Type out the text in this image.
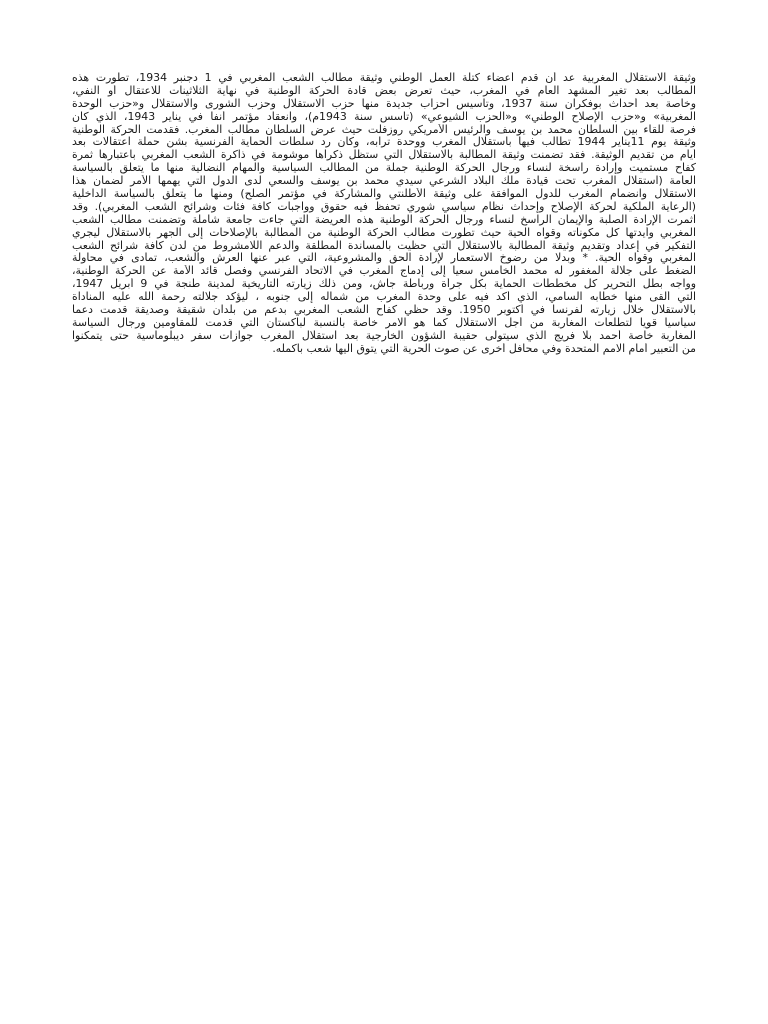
وثيقة الاستقلال المغربية عد أن قدم أعضاء كتلة العمل الوطني وثيقة مطالب الشعب المغربي في 1 دجنبر 1934، تطورت هذه
المطالب بعد تغير المشهد العام في المغرب، حيث تعرض بعض قادة الحركة الوطنية في نهاية الثلاثينات للاعتقال أو النفي،
وخاصة بعد أحداث بوفكران سنة 1937، وتأسيس أحزاب جديدة منها حزب الاستقلال وحزب الشورى والاستقلال و«حزب الوحدة
المغربية» و«حزب الإصلاح الوطني» و«الحزب الشيوعي» (تأسس سنة 1943م)، وانعقاد مؤتمر أنفا في يناير 1943، الذي كان
فرصة للقاء بين السلطان محمد بن يوسف والرئيس الأمريكي روزفلت حيث عرض السلطان مطالب المغرب. فقدمت الحركة الوطنية
وثيقة يوم 11يناير 1944 تطالب فيها باستقلال المغرب ووحدة ترابه، وكان رد سلطات الحماية الفرنسية بشن حملة اعتقالات بعد
أيام من تقديم الوثيقة. فقد تضمنت وثيقة المطالبة بالاستقلال التي ستظل ذكراها موشومة في ذاكرة الشعب المغربي باعتبارها ثمرة
كفاح مستميت وإرادة راسخة لنساء ورجال الحركة الوطنية جملة من المطالب السياسية والمهام النضالية منها ما يتعلق بالسياسة
العامة (استقلال المغرب تحت قيادة ملك البلاد الشرعي سيدي محمد بن يوسف والسعي لدى الدول التي يهمها الأمر لضمان هذا
الاستقلال وانضمام المغرب للدول الموافقة على وثيقة الأطلنتي والمشاركة في مؤتمر الصلح) ومنها ما يتعلق بالسياسة الداخلية
(الرعاية الملكية لحركة الإصلاح وإحداث نظام سياسي شوري تحفظ فيه حقوق وواجبات كافة فئات وشرائح الشعب المغربي). وقد
أثمرت الإرادة الصلبة والإيمان الراسخ لنساء ورجال الحركة الوطنية هذه العريضة التي جاءت جامعة شاملة وتضمنت مطالب الشعب
المغربي وأيدتها كل مكوناته وقواه الحية حيث تطورت مطالب الحركة الوطنية من المطالبة بالإصلاحات إلى الجهر بالاستقلال ليجري
التفكير في إعداد وتقديم وثيقة المطالبة بالاستقلال التي حظيت بالمساندة المطلقة والدعم اللامشروط من لدن كافة شرائح الشعب
المغربي وقواه الحية. * وبدلا من رضوخ الاستعمار لإرادة الحق والمشروعية، التي عبر عنها العرش والشعب، تمادى في محاولة
الضغط على جلالة المغفور له محمد الخامس سعيا إلى إدماج المغرب في الاتحاد الفرنسي وفصل قائد الأمة عن الحركة الوطنية،
وواجه بطل التحرير كل مخططات الحماية بكل جرأة ورباطة جأش، ومن ذلك زيارته التاريخية لمدينة طنجة في 9 أبريل 1947،
التي ألقى منها خطابه السامي، الذي أكد فيه على وحدة المغرب من شماله إلى جنوبه ، ليؤكد جلالته رحمة الله عليه المناداة
بالاستقلال خلال زيارته لفرنسا في أكتوبر 1950. وقد حظي كفاح الشعب المغربي بدعم من بلدان شقيقة وصديقة قدمت دعما
سياسيا قويا لتطلعات المغاربة من أجل الاستقلال كما هو الامر خاصة بالنسبة لباكستان التي قدمت للمقاومين ورجال السياسة
المغاربة خاصة أحمد بلا فريج الذي سيتولى حقيبة الشؤون الخارجية بعد استقلال المغرب جوازات سفر ديبلوماسية حتى يتمكنوا
من التعبير أمام الامم المتحدة وفي محافل أخرى عن صوت الحرية التي يتوق اليها شعب بأكمله.
